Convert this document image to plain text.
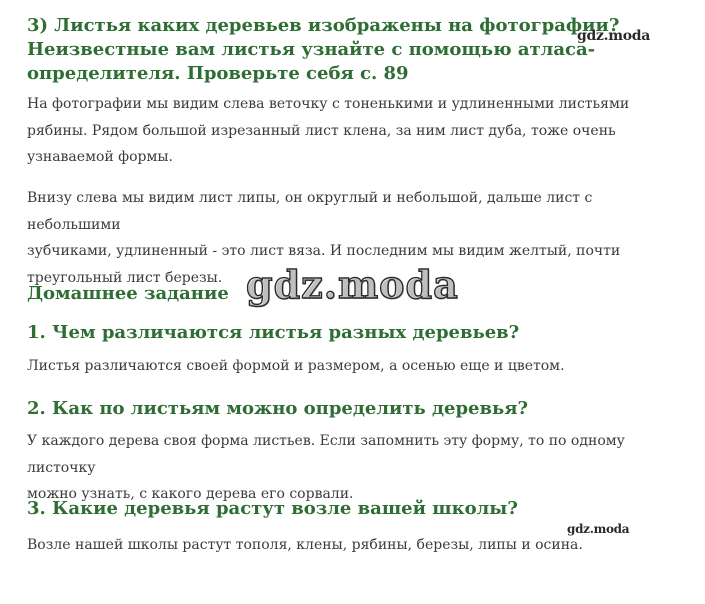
3) Листья каких деревьев изображены на фотографии?
Неизвестные вам листья узнайте с помощью атласа-
определителя. Проверьте себя с. 89

На фотографии мы видим слева веточку с тоненькими и удлиненными листьями
рябины. Рядом большой изрезанный лист клена, за ним лист дуба, тоже очень
узнаваемой формы.

Внизу слева мы видим лист липы, он округлый и небольшой, дальше лист с небольшими
зубчиками, удлиненный - это лист вяза. И последним мы видим желтый, почти
треугольный лист березы.

Домашнее задание
1. Чем различаются листья разных деревьев?

Листья различаются своей формой и размером, а осенью еще и цветом.

2. Как по листьям можно определить деревья?

У каждого дерева своя форма листьев. Если запомнить эту форму, то по одному листочку
можно узнать, с какого дерева его сорвали.

3. Какие деревья растут возле вашей школы?

Возле нашей школы растут тополя, клены, рябины, березы, липы и осина.

gdz.moda
gdz.moda
gdz.moda
